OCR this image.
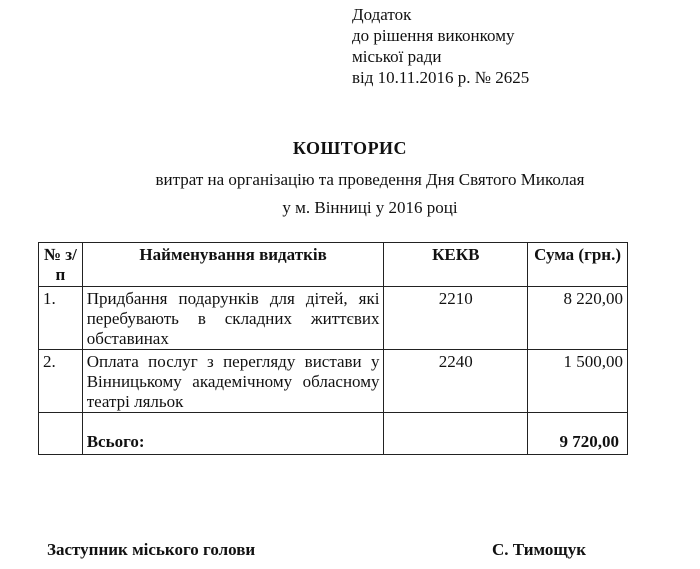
Додаток
до рішення виконкому
міської ради
від 10.11.2016 р. № 2625
КОШТОРИС
витрат на організацію та проведення Дня Святого Миколая у м. Вінниці у 2016 році
№ з/п	Найменування видатків	КЕКВ	Сума (грн.)
1.	Придбання подарунків для дітей, які перебувають в складних життєвих обставинах	2210	8 220,00
2.	Оплата послуг з перегляду вистави у Вінницькому академічному обласному театрі ляльок	2240	1 500,00
	Всього:		9 720,00
Заступник міського голови	С. Тимощук
